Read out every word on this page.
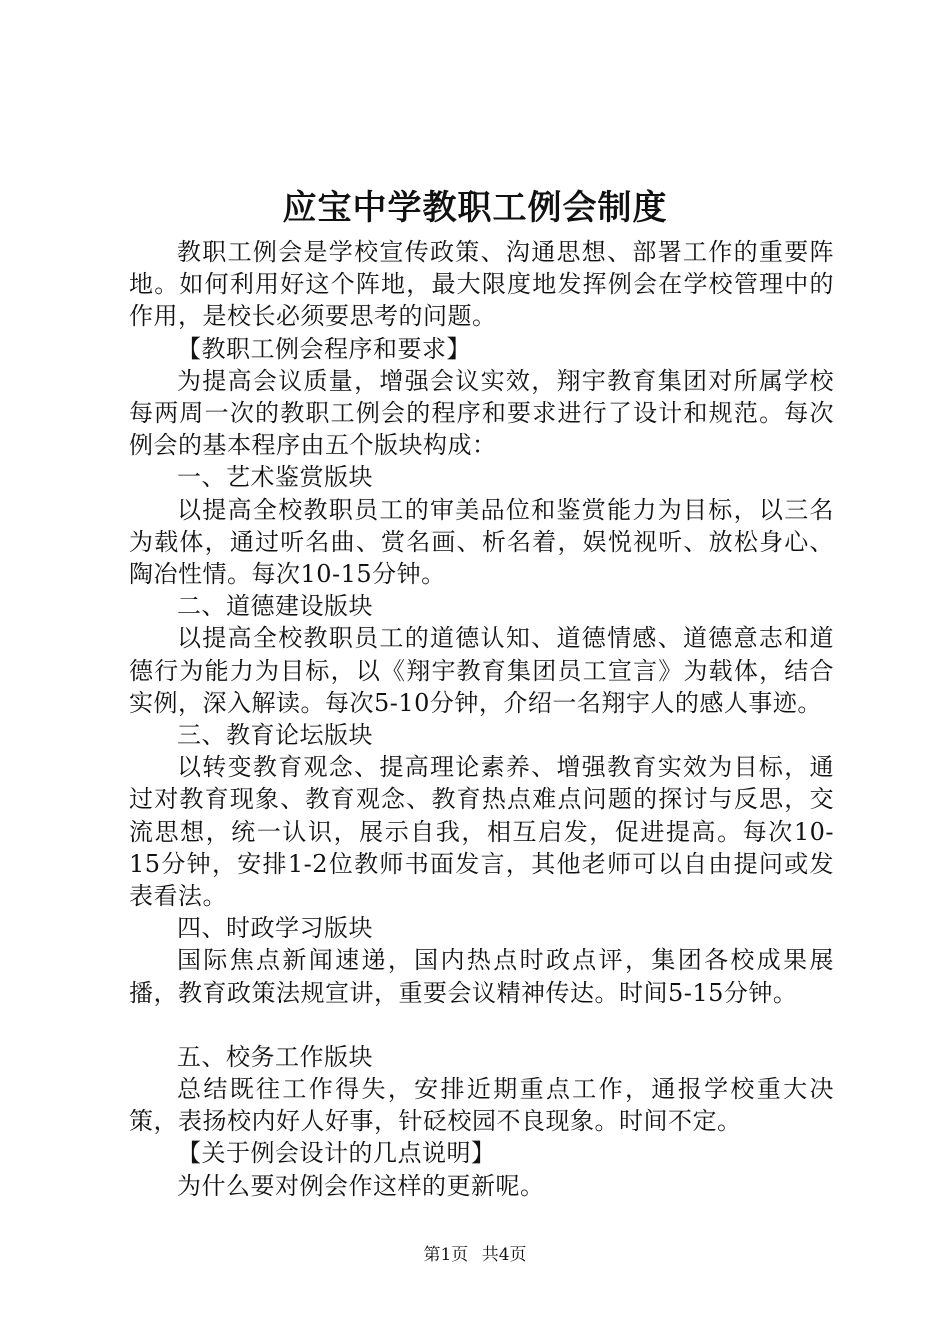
应宝中学教职工例会制度

教职工例会是学校宣传政策、沟通思想、部署工作的重要阵地。如何利用好这个阵地，最大限度地发挥例会在学校管理中的作用，是校长必须要思考的问题。

【教职工例会程序和要求】

为提高会议质量，增强会议实效，翔宇教育集团对所属学校每两周一次的教职工例会的程序和要求进行了设计和规范。每次例会的基本程序由五个版块构成：

一、艺术鉴赏版块

以提高全校教职员工的审美品位和鉴赏能力为目标，以三名为载体，通过听名曲、赏名画、析名着，娱悦视听、放松身心、陶冶性情。每次10-15分钟。

二、道德建设版块

以提高全校教职员工的道德认知、道德情感、道德意志和道德行为能力为目标，以《翔宇教育集团员工宣言》为载体，结合实例，深入解读。每次5-10分钟，介绍一名翔宇人的感人事迹。

三、教育论坛版块

以转变教育观念、提高理论素养、增强教育实效为目标，通过对教育现象、教育观念、教育热点难点问题的探讨与反思，交流思想，统一认识，展示自我，相互启发，促进提高。每次10-15分钟，安排1-2位教师书面发言，其他老师可以自由提问或发表看法。

四、时政学习版块

国际焦点新闻速递，国内热点时政点评，集团各校成果展播，教育政策法规宣讲，重要会议精神传达。时间5-15分钟。

五、校务工作版块

总结既往工作得失，安排近期重点工作，通报学校重大决策，表扬校内好人好事，针砭校园不良现象。时间不定。

【关于例会设计的几点说明】

为什么要对例会作这样的更新呢。

第1页 共4页
